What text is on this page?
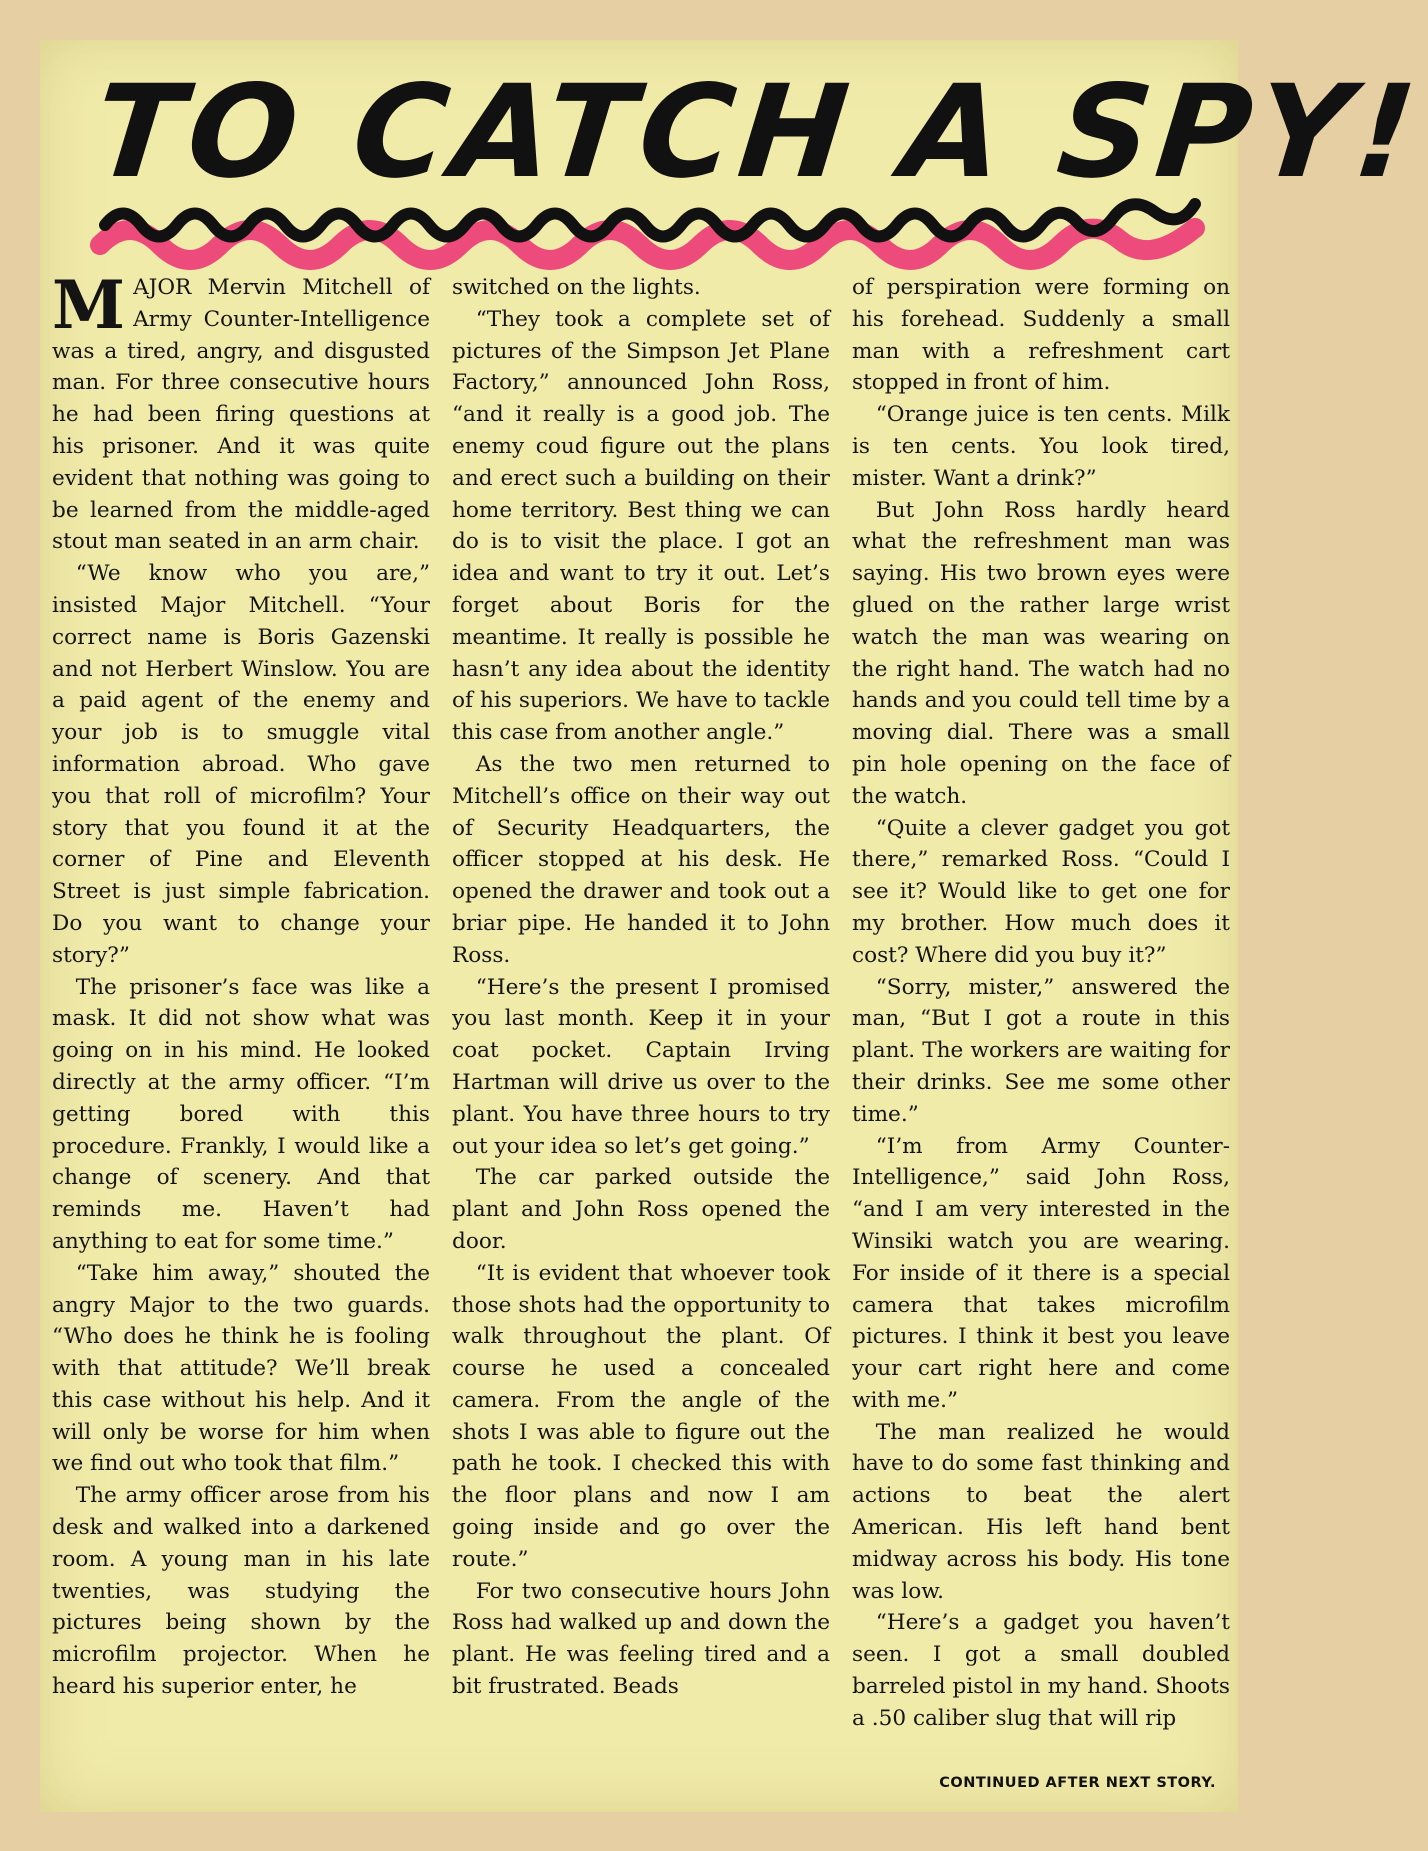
TO CATCH A SPY!

MAJOR Mervin Mitchell of Army Counter-Intelligence was a tired, angry, and disgusted man. For three consecutive hours he had been firing questions at his prisoner. And it was quite evident that nothing was going to be learned from the middle-aged stout man seated in an arm chair.

“We know who you are,” insisted Major Mitchell. “Your correct name is Boris Gazenski and not Herbert Winslow. You are a paid agent of the enemy and your job is to smuggle vital information abroad. Who gave you that roll of microfilm? Your story that you found it at the corner of Pine and Eleventh Street is just simple fabrication. Do you want to change your story?”

The prisoner’s face was like a mask. It did not show what was going on in his mind. He looked directly at the army officer. “I’m getting bored with this procedure. Frankly, I would like a change of scenery. And that reminds me. Haven’t had anything to eat for some time.”

“Take him away,” shouted the angry Major to the two guards. “Who does he think he is fooling with that attitude? We’ll break this case without his help. And it will only be worse for him when we find out who took that film.”

The army officer arose from his desk and walked into a darkened room. A young man in his late twenties, was studying the pictures being shown by the microfilm projector. When he heard his superior enter, he

switched on the lights.

“They took a complete set of pictures of the Simpson Jet Plane Factory,” announced John Ross, “and it really is a good job. The enemy coud figure out the plans and erect such a building on their home territory. Best thing we can do is to visit the place. I got an idea and want to try it out. Let’s forget about Boris for the meantime. It really is possible he hasn’t any idea about the identity of his superiors. We have to tackle this case from another angle.”

As the two men returned to Mitchell’s office on their way out of Security Headquarters, the officer stopped at his desk. He opened the drawer and took out a briar pipe. He handed it to John Ross.

“Here’s the present I promised you last month. Keep it in your coat pocket. Captain Irving Hartman will drive us over to the plant. You have three hours to try out your idea so let’s get going.”

The car parked outside the plant and John Ross opened the door.

“It is evident that whoever took those shots had the opportunity to walk throughout the plant. Of course he used a concealed camera. From the angle of the shots I was able to figure out the path he took. I checked this with the floor plans and now I am going inside and go over the route.”

For two consecutive hours John Ross had walked up and down the plant. He was feeling tired and a bit frustrated. Beads

of perspiration were forming on his forehead. Suddenly a small man with a refreshment cart stopped in front of him.

“Orange juice is ten cents. Milk is ten cents. You look tired, mister. Want a drink?”

But John Ross hardly heard what the refreshment man was saying. His two brown eyes were glued on the rather large wrist watch the man was wearing on the right hand. The watch had no hands and you could tell time by a moving dial. There was a small pin hole opening on the face of the watch.

“Quite a clever gadget you got there,” remarked Ross. “Could I see it? Would like to get one for my brother. How much does it cost? Where did you buy it?”

“Sorry, mister,” answered the man, “But I got a route in this plant. The workers are waiting for their drinks. See me some other time.”

“I’m from Army Counter-Intelligence,” said John Ross, “and I am very interested in the Winsiki watch you are wearing. For inside of it there is a special camera that takes microfilm pictures. I think it best you leave your cart right here and come with me.”

The man realized he would have to do some fast thinking and actions to beat the alert American. His left hand bent midway across his body. His tone was low.

“Here’s a gadget you haven’t seen. I got a small doubled barreled pistol in my hand. Shoots a .50 caliber slug that will rip

CONTINUED AFTER NEXT STORY.
